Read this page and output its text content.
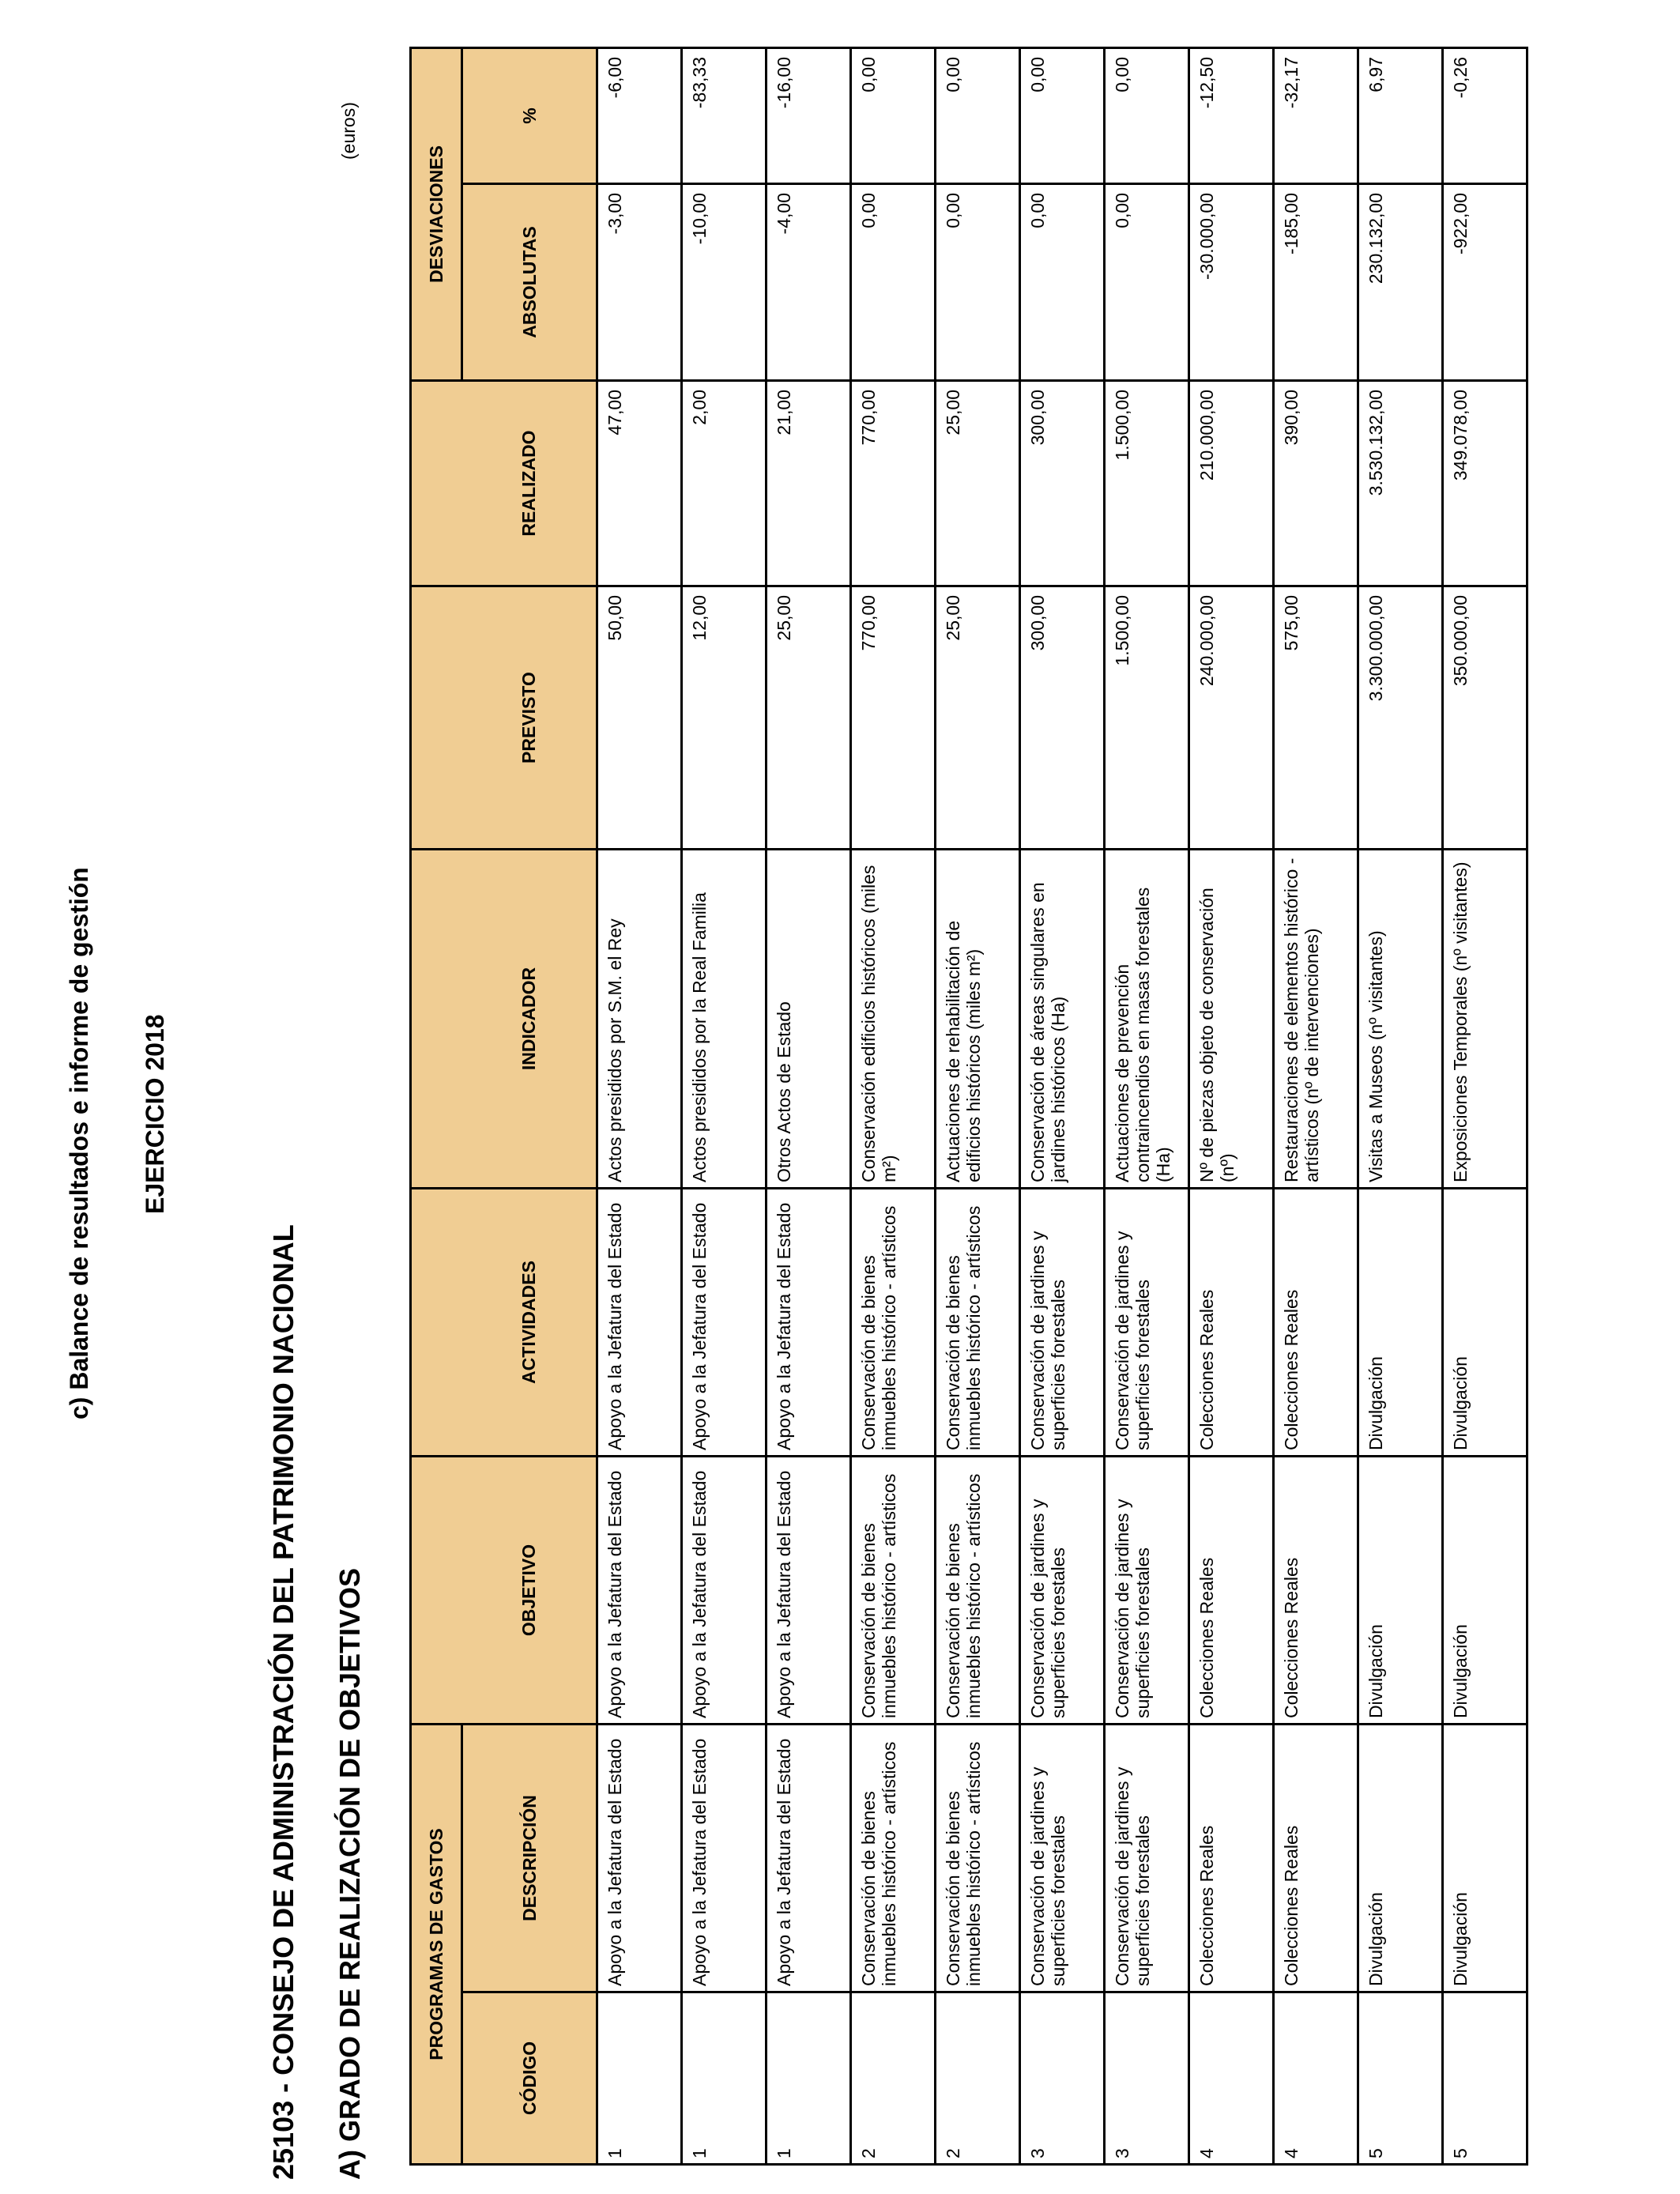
c) Balance de resultados e informe de gestión EJERCICIO 2018
25103 - CONSEJO DE ADMINISTRACIÓN DEL PATRIMONIO NACIONAL A) GRADO DE REALIZACIÓN DE OBJETIVOS
(euros)
PROGRAMAS DE GASTOS							DESVIACIONES	
CÓDIGO	DESCRIPCIÓN	OBJETIVO	ACTIVIDADES	INDICADOR	PREVISTO	REALIZADO	ABSOLUTAS	%
1	Apoyo a la Jefatura del Estado	Apoyo a la Jefatura del Estado	Apoyo a la Jefatura del Estado	Actos presididos por S.M. el Rey	50,00	47,00	-3,00	-6,00
1	Apoyo a la Jefatura del Estado	Apoyo a la Jefatura del Estado	Apoyo a la Jefatura del Estado	Actos presididos por la Real Familia	12,00	2,00	-10,00	-83,33
1	Apoyo a la Jefatura del Estado	Apoyo a la Jefatura del Estado	Apoyo a la Jefatura del Estado	Otros Actos de Estado	25,00	21,00	-4,00	-16,00
2	Conservación de bienes inmuebles histórico - artísticos	Conservación de bienes inmuebles histórico - artísticos	Conservación de bienes inmuebles histórico - artísticos	Conservación edificios históricos (miles m²)	770,00	770,00	0,00	0,00
2	Conservación de bienes inmuebles histórico - artísticos	Conservación de bienes inmuebles histórico - artísticos	Conservación de bienes inmuebles histórico - artísticos	Actuaciones de rehabilitación de edificios históricos (miles m²)	25,00	25,00	0,00	0,00
3	Conservación de jardines y superficies forestales	Conservación de jardines y superficies forestales	Conservación de jardines y superficies forestales	Conservación de áreas singulares en jardines históricos (Ha)	300,00	300,00	0,00	0,00
3	Conservación de jardines y superficies forestales	Conservación de jardines y superficies forestales	Conservación de jardines y superficies forestales	Actuaciones de prevención contraincendios en masas forestales (Ha)	1.500,00	1.500,00	0,00	0,00
4	Colecciones Reales	Colecciones Reales	Colecciones Reales	Nº de piezas objeto de conservación (nº)	240.000,00	210.000,00	-30.000,00	-12,50
4	Colecciones Reales	Colecciones Reales	Colecciones Reales	Restauraciones de elementos histórico - artísticos (nº de intervenciones)	575,00	390,00	-185,00	-32,17
5	Divulgación	Divulgación	Divulgación	Visitas a Museos (nº visitantes)	3.300.000,00	3.530.132,00	230.132,00	6,97
5	Divulgación	Divulgación	Divulgación	Exposiciones Temporales (nº visitantes)	350.000,00	349.078,00	-922,00	-0,26
